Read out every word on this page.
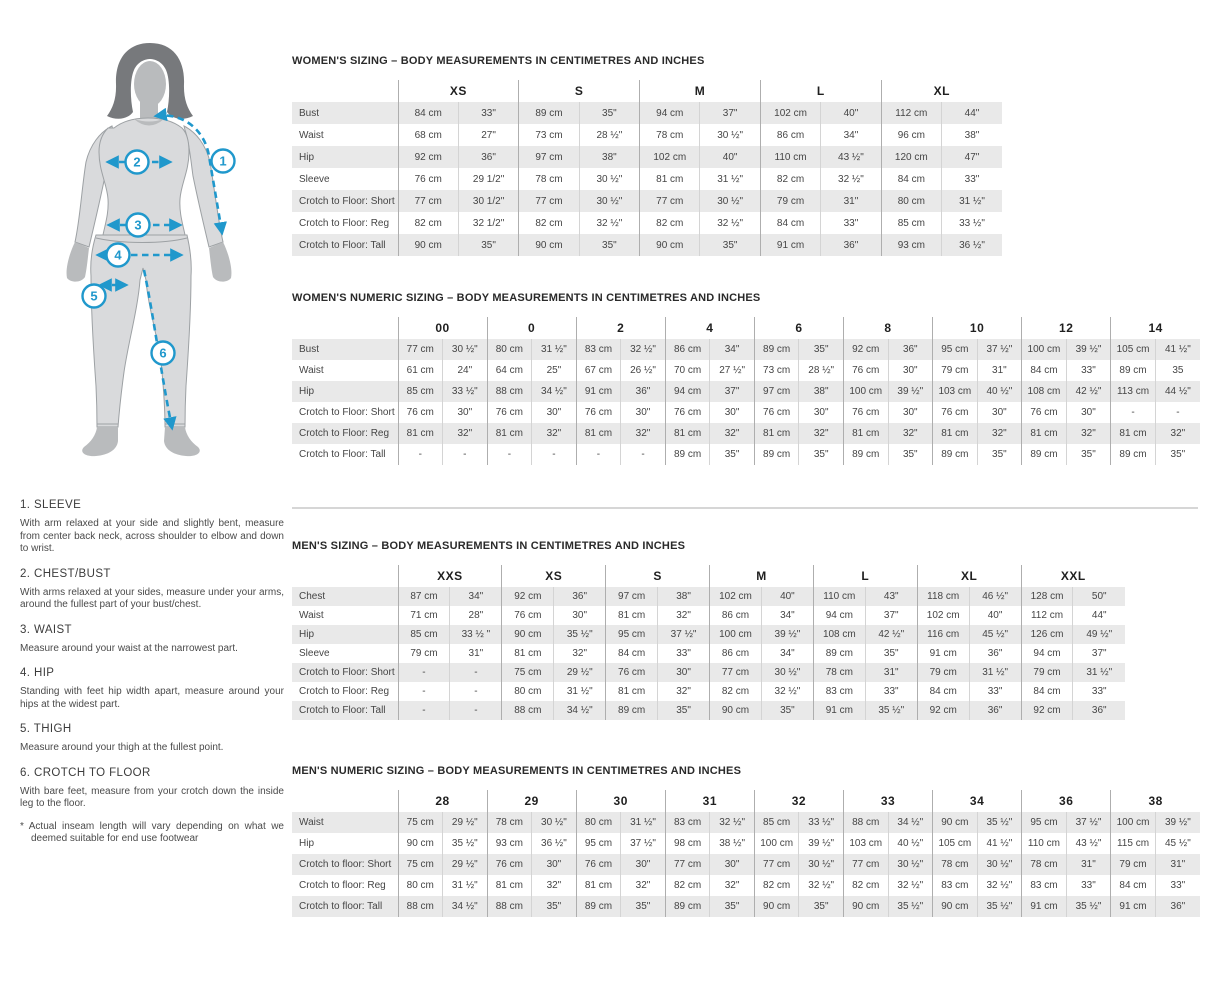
1
2
3
4
5
6
1. SLEEVE

With arm relaxed at your side and slightly bent, measure from center back neck, across shoulder to elbow and down to wrist.

2. CHEST/BUST

With arms relaxed at your sides, measure under your arms, around the fullest part of your bust/chest.

3. WAIST

Measure around your waist at the narrowest part.

4. HIP

Standing with feet hip width apart, measure around your hips at the widest part.

5. THIGH

Measure around your thigh at the fullest point.

6. CROTCH TO FLOOR

With bare feet, measure from your crotch down the inside leg to the floor.

* Actual inseam length will vary depending on what we deemed suitable for end use footwear

WOMEN'S SIZING – BODY MEASUREMENTS IN CENTIMETRES AND INCHES
	XS		S		M		L		XL	
Bust	84 cm	33"	89 cm	35"	94 cm	37"	102 cm	40"	112 cm	44"
Waist	68 cm	27"	73 cm	28 ½"	78 cm	30 ½"	86 cm	34"	96 cm	38"
Hip	92 cm	36"	97 cm	38"	102 cm	40"	110 cm	43 ½"	120 cm	47"
Sleeve	76 cm	29 1/2"	78 cm	30 ½"	81 cm	31 ½"	82 cm	32 ½"	84 cm	33"
Crotch to Floor: Short	77 cm	30 1/2"	77 cm	30 ½"	77 cm	30 ½"	79 cm	31"	80 cm	31 ½"
Crotch to Floor: Reg	82 cm	32 1/2"	82 cm	32 ½"	82 cm	32 ½"	84 cm	33"	85 cm	33 ½"
Crotch to Floor: Tall	90 cm	35"	90 cm	35"	90 cm	35"	91 cm	36"	93 cm	36 ½"
WOMEN'S NUMERIC SIZING – BODY MEASUREMENTS IN CENTIMETRES AND INCHES
	00		0		2		4		6		8		10		12		14	
Bust	77 cm	30 ½"	80 cm	31 ½"	83 cm	32 ½"	86 cm	34"	89 cm	35"	92 cm	36"	95 cm	37 ½"	100 cm	39 ½"	105 cm	41 ½"
Waist	61 cm	24"	64 cm	25"	67 cm	26 ½"	70 cm	27 ½"	73 cm	28 ½"	76 cm	30"	79 cm	31"	84 cm	33"	89 cm	35
Hip	85 cm	33 ½"	88 cm	34 ½"	91 cm	36"	94 cm	37"	97 cm	38"	100 cm	39 ½"	103 cm	40 ½"	108 cm	42 ½"	113 cm	44 ½"
Crotch to Floor: Short	76 cm	30"	76 cm	30"	76 cm	30"	76 cm	30"	76 cm	30"	76 cm	30"	76 cm	30"	76 cm	30"	-	-
Crotch to Floor: Reg	81 cm	32"	81 cm	32"	81 cm	32"	81 cm	32"	81 cm	32"	81 cm	32"	81 cm	32"	81 cm	32"	81 cm	32"
Crotch to Floor: Tall	-	-	-	-	-	-	89 cm	35"	89 cm	35"	89 cm	35"	89 cm	35"	89 cm	35"	89 cm	35"
MEN'S SIZING – BODY MEASUREMENTS IN CENTIMETRES AND INCHES
	XXS		XS		S		M		L		XL		XXL	
Chest	87 cm	34"	92 cm	36"	97 cm	38"	102 cm	40"	110 cm	43"	118 cm	46 ½"	128 cm	50"
Waist	71 cm	28"	76 cm	30"	81 cm	32"	86 cm	34"	94 cm	37"	102 cm	40"	112 cm	44"
Hip	85 cm	33 ½ "	90 cm	35 ½"	95 cm	37 ½"	100 cm	39 ½"	108 cm	42 ½"	116 cm	45 ½"	126 cm	49 ½"
Sleeve	79 cm	31"	81 cm	32"	84 cm	33"	86 cm	34"	89 cm	35"	91 cm	36"	94 cm	37"
Crotch to Floor: Short	-	-	75 cm	29 ½"	76 cm	30"	77 cm	30 ½"	78 cm	31"	79 cm	31 ½"	79 cm	31 ½"
Crotch to Floor: Reg	-	-	80 cm	31 ½"	81 cm	32"	82 cm	32 ½"	83 cm	33"	84 cm	33"	84 cm	33"
Crotch to Floor: Tall	-	-	88 cm	34 ½"	89 cm	35"	90 cm	35"	91 cm	35 ½"	92 cm	36"	92 cm	36"
MEN'S NUMERIC SIZING – BODY MEASUREMENTS IN CENTIMETRES AND INCHES
	28		29		30		31		32		33		34		36		38	
Waist	75 cm	29 ½"	78 cm	30 ½"	80 cm	31 ½"	83 cm	32 ½"	85 cm	33 ½"	88 cm	34 ½"	90 cm	35 ½"	95 cm	37 ½"	100 cm	39 ½"
Hip	90 cm	35 ½"	93 cm	36 ½"	95 cm	37 ½"	98 cm	38 ½"	100 cm	39 ½"	103 cm	40 ½"	105 cm	41 ½"	110 cm	43 ½"	115 cm	45 ½"
Crotch to floor: Short	75 cm	29 ½"	76 cm	30"	76 cm	30"	77 cm	30"	77 cm	30 ½"	77 cm	30 ½"	78 cm	30 ½"	78 cm	31"	79 cm	31"
Crotch to floor: Reg	80 cm	31 ½"	81 cm	32"	81 cm	32"	82 cm	32"	82 cm	32 ½"	82 cm	32 ½"	83 cm	32 ½"	83 cm	33"	84 cm	33"
Crotch to floor: Tall	88 cm	34 ½"	88 cm	35"	89 cm	35"	89 cm	35"	90 cm	35"	90 cm	35 ½"	90 cm	35 ½"	91 cm	35 ½"	91 cm	36"
